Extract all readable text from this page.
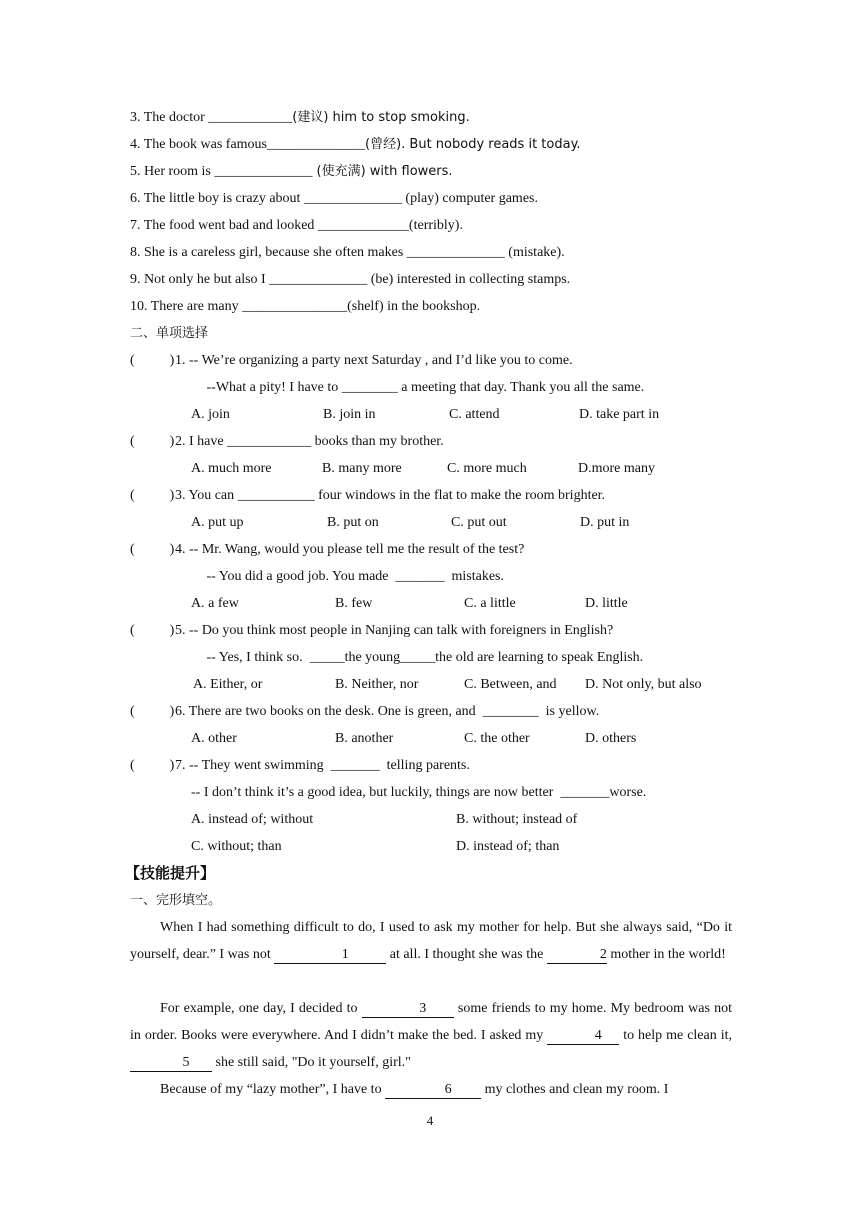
3. The doctor ____________(建议) him to stop smoking.
4. The book was famous______________(曾经). But nobody reads it today.
5. Her room is ______________ (使充满) with flowers.
6. The little boy is crazy about ______________ (play) computer games.
7. The food went bad and looked _____________(terribly).
8. She is a careless girl, because she often makes ______________ (mistake).
9. Not only he but also I ______________ (be) interested in collecting stamps.
10. There are many _______________(shelf) in the bookshop.
二、单项选择
(          ) 1. -- We’re organizing a party next Saturday , and I’d like you to come.
--What a pity! I have to ________ a meeting that day. Thank you all the same.
A. join	B. join in	C. attend	D. take part in
(          ) 2. I have ____________ books than my brother.
A. much more	B. many more	C. more much	D.more many
(          ) 3. You can ___________ four windows in the flat to make the room brighter.
A. put up	B. put on	C. put out	D. put in
(          ) 4. -- Mr. Wang, would you please tell me the result of the test?
-- You did a good job. You made  _______  mistakes.
A. a few	B. few	C. a little	D. little
(          ) 5. -- Do you think most people in Nanjing can talk with foreigners in English?
-- Yes, I think so.  _____the young_____the old are learning to speak English.
A. Either, or	B. Neither, nor	C. Between, and D. Not only, but also
(          ) 6. There are two books on the desk. One is green, and  ________  is yellow.
A. other	B. another	C. the other	D. others
(          ) 7. -- They went swimming  _______  telling parents.
-- I don’t think it’s a good idea, but luckily, things are now better  _______worse.
A. instead of; without	B. without; instead of
C. without; than	D. instead of; than
【技能提升】
一、完形填空。
When I had something difficult to do, I used to ask my mother for help. But she always said, “Do it yourself, dear.” I was not	1	at all. I thought she was the	2 mother in the world!
For example, one day, I decided to	3 some friends to my home. My bedroom was not in order. Books were everywhere. And I didn’t make the bed. I asked my	4 to help me clean it, 5 she still said, "Do it yourself, girl."
Because of my “lazy mother”, I have to	6 my clothes and clean my room. I
4
